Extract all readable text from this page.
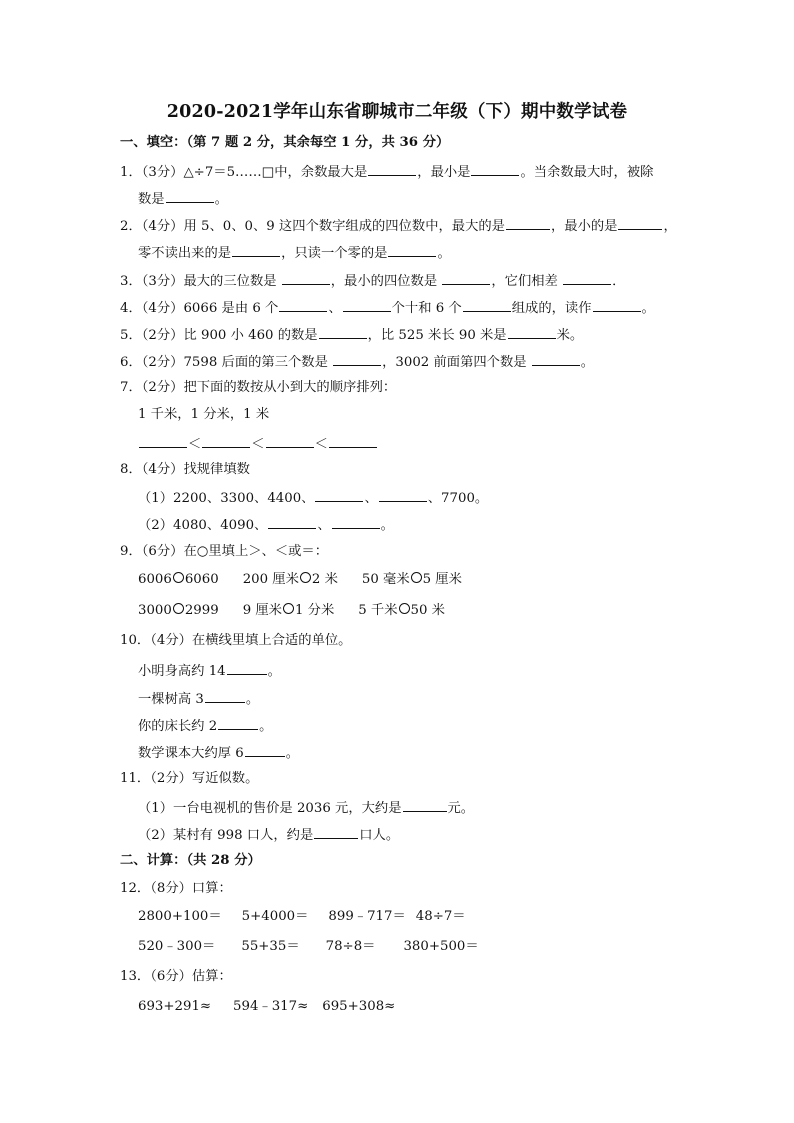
2020-2021学年山东省聊城市二年级（下）期中数学试卷
一、填空：（第 7 题 2 分，其余每空 1 分，共 36 分）
1．（3分）△÷7＝5……□中，余数最大是	，最小是	。当余数最大时，被除
数是	。
2．（4分）用 5、0、0、9 这四个数字组成的四位数中，最大的是	，最小的是	，
零不读出来的是	，只读一个零的是	。
3．（3分）最大的三位数是	，最小的四位数是	，它们相差	．
4．（4分）6066 是由 6 个	、	个十和 6 个	组成的，读作	。
5．（2分）比 900 小 460 的数是	，比 525 米长 90 米是	米。
6．（2分）7598 后面的第三个数是	，3002 前面第四个数是	。
7．（2分）把下面的数按从小到大的顺序排列：
1 千米，1 分米，1 米
＜	＜	＜
8．（4分）找规律填数
（1）2200、3300、4400、	、	、7700。
（2）4080、4090、	、	。
9．（6分）在○里填上＞、＜或＝：
6006 6060 200 厘米 2 米 50 毫米 5 厘米
3000 2999 9 厘米 1 分米 5 千米 50 米
10．（4分）在横线里填上合适的单位。
小明身高约 14	。
一棵树高 3	。
你的床长约 2	。
数学课本大约厚 6	。
11．（2分）写近似数。
（1）一台电视机的售价是 2036 元，大约是	元。
（2）某村有 998 口人，约是	口人。
二、计算：（共 28 分）
12．（8分）口算：
2800+100＝ 5+4000＝ 899﹣717＝ 48÷7＝
520﹣300＝ 55+35＝ 78÷8＝ 380+500＝
13．（6分）估算：
693+291≈ 594﹣317≈ 695+308≈
